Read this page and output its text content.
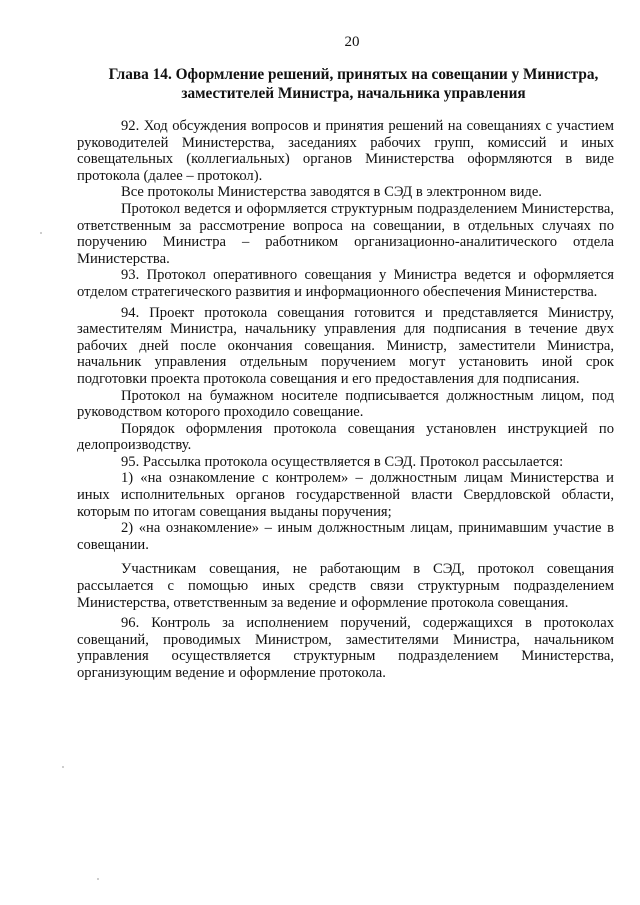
20
Глава 14. Оформление решений, принятых на совещании у Министра,
заместителей Министра, начальника управления

92. Ход обсуждения вопросов и принятия решений на совещаниях с участием руководителей Министерства, заседаниях рабочих групп, комиссий и иных совещательных (коллегиальных) органов Министерства оформляются в виде протокола (далее – протокол).

Все протоколы Министерства заводятся в СЭД в электронном виде.

Протокол ведется и оформляется структурным подразделением Министерства, ответственным за рассмотрение вопроса на совещании, в отдельных случаях по поручению Министра – работником организационно-аналитического отдела Министерства.

93. Протокол оперативного совещания у Министра ведется и оформляется отделом стратегического развития и информационного обеспечения Министерства.

94. Проект протокола совещания готовится и представляется Министру, заместителям Министра, начальнику управления для подписания в течение двух рабочих дней после окончания совещания. Министр, заместители Министра, начальник управления отдельным поручением могут установить иной срок подготовки проекта протокола совещания и его предоставления для подписания.

Протокол на бумажном носителе подписывается должностным лицом, под руководством которого проходило совещание.

Порядок оформления протокола совещания установлен инструкцией по делопроизводству.

95. Рассылка протокола осуществляется в СЭД. Протокол рассылается:

1) «на ознакомление с контролем» – должностным лицам Министерства и иных исполнительных органов государственной власти Свердловской области, которым по итогам совещания выданы поручения;

2) «на ознакомление» – иным должностным лицам, принимавшим участие в совещании.

Участникам совещания, не работающим в СЭД, протокол совещания рассылается с помощью иных средств связи структурным подразделением Министерства, ответственным за ведение и оформление протокола совещания.

96. Контроль за исполнением поручений, содержащихся в протоколах совещаний, проводимых Министром, заместителями Министра, начальником управления осуществляется структурным подразделением Министерства, организующим ведение и оформление протокола.
